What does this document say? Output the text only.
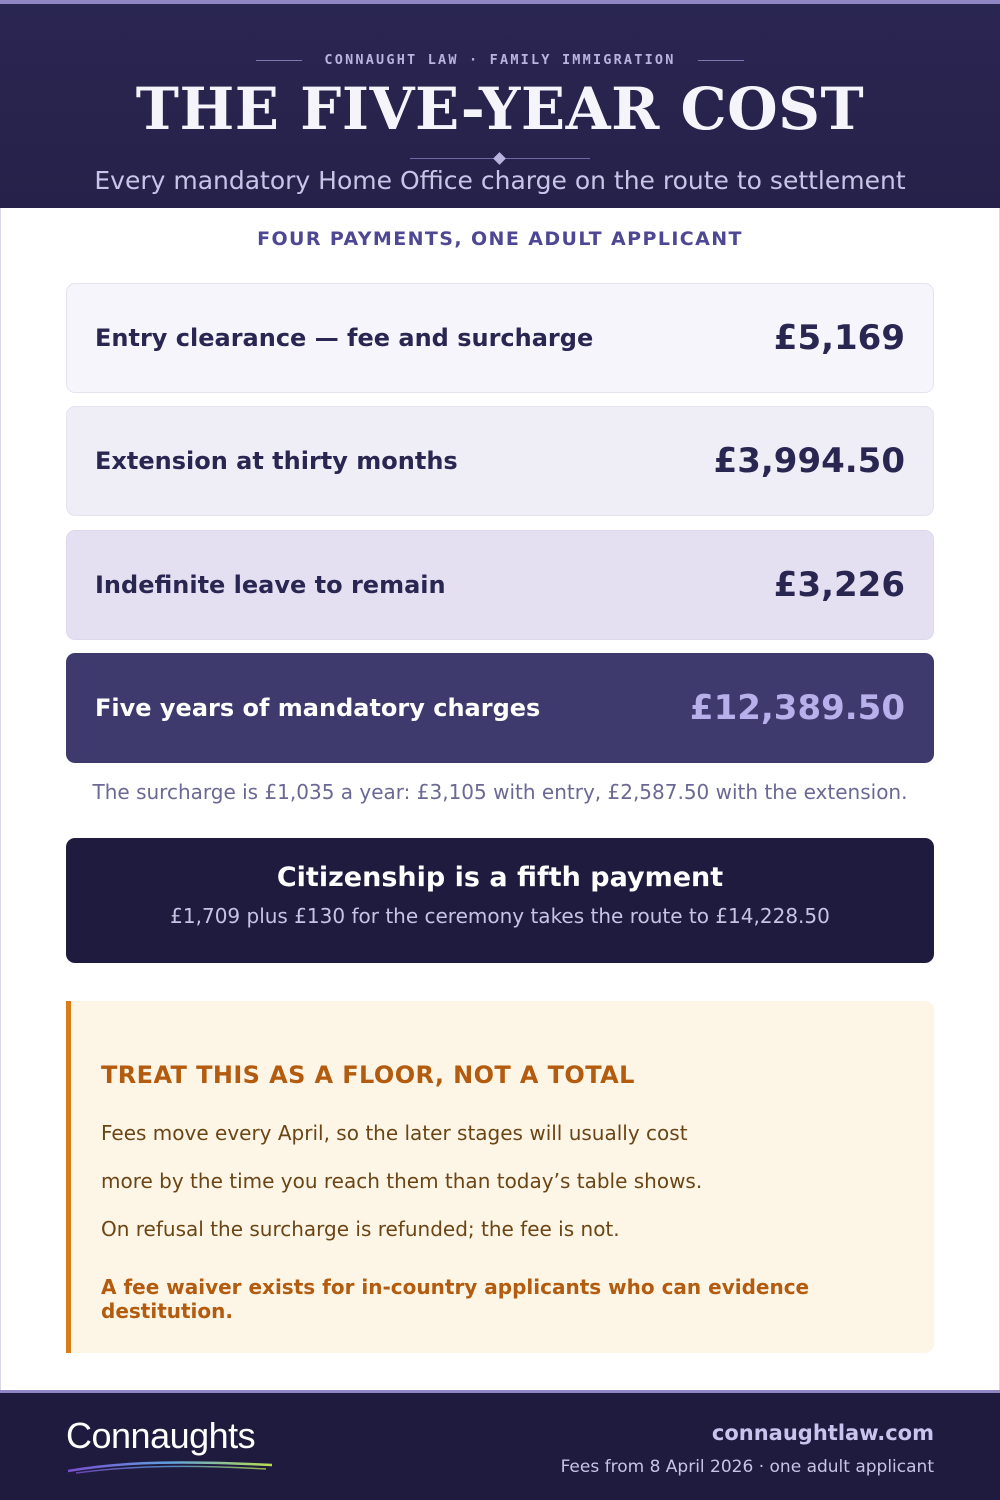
CONNAUGHT LAW · FAMILY IMMIGRATION
THE FIVE-YEAR COST
Every mandatory Home Office charge on the route to settlement
FOUR PAYMENTS, ONE ADULT APPLICANT
Entry clearance — fee and surcharge	£5,169
Extension at thirty months	£3,994.50
Indefinite leave to remain	£3,226
Five years of mandatory charges	£12,389.50
The surcharge is £1,035 a year: £3,105 with entry, £2,587.50 with the extension.
Citizenship is a fifth payment
£1,709 plus £130 for the ceremony takes the route to £14,228.50
TREAT THIS AS A FLOOR, NOT A TOTAL
Fees move every April, so the later stages will usually cost
more by the time you reach them than today’s table shows.
On refusal the surcharge is refunded; the fee is not.
A fee waiver exists for in-country applicants who can evidence destitution.
Connaughts	connaughtlaw.com
Fees from 8 April 2026 · one adult applicant
